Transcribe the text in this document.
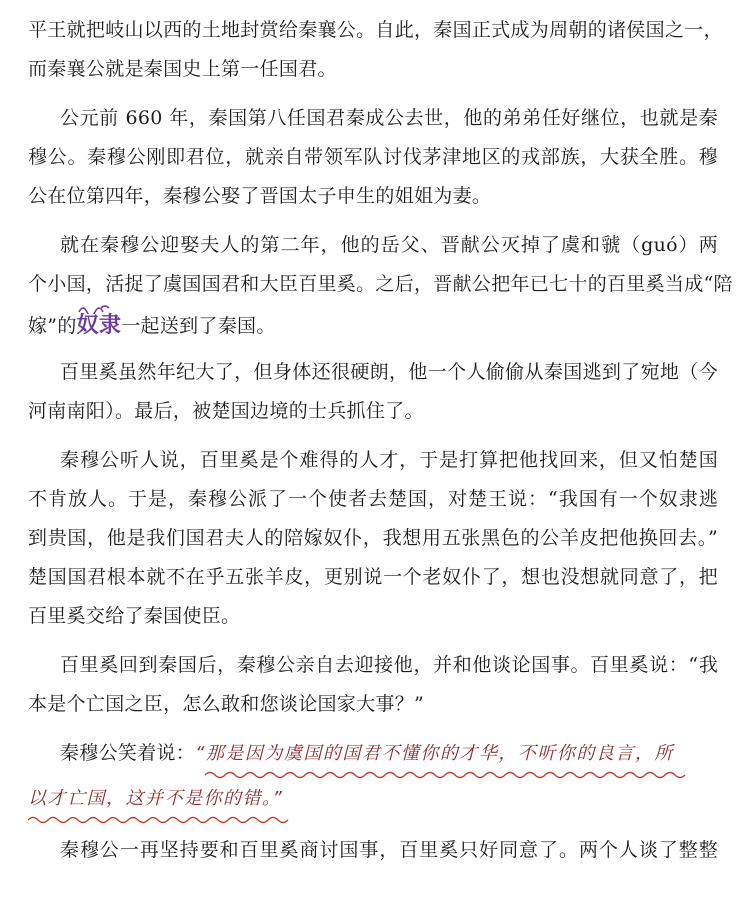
平王就把岐山以西的土地封赏给秦襄公。自此，秦国正式成为周朝的诸侯国之一，
而秦襄公就是秦国史上第一任国君。
公元前 660 年，秦国第八任国君秦成公去世，他的弟弟任好继位，也就是秦
穆公。秦穆公刚即君位，就亲自带领军队讨伐茅津地区的戎部族，大获全胜。穆
公在位第四年，秦穆公娶了晋国太子申生的姐姐为妻。
就在秦穆公迎娶夫人的第二年，他的岳父、晋献公灭掉了虞和虢（guó）两
个小国，活捉了虞国国君和大臣百里奚。之后，晋献公把年已七十的百里奚当成“陪
嫁”的
奴隶一起送到了秦国。
百里奚虽然年纪大了，但身体还很硬朗，他一个人偷偷从秦国逃到了宛地（今
河南南阳）。最后，被楚国边境的士兵抓住了。
秦穆公听人说，百里奚是个难得的人才，于是打算把他找回来，但又怕楚国
不肯放人。于是，秦穆公派了一个使者去楚国，对楚王说：“我国有一个奴隶逃
到贵国，他是我们国君夫人的陪嫁奴仆，我想用五张黑色的公羊皮把他换回去。”
楚国国君根本就不在乎五张羊皮，更别说一个老奴仆了，想也没想就同意了，把
百里奚交给了秦国使臣。
百里奚回到秦国后，秦穆公亲自去迎接他，并和他谈论国事。百里奚说：“我
本是个亡国之臣，怎么敢和您谈论国家大事？”
秦穆公笑着说：“那是因为虞国的国君不懂你的才华，不听你的良言，所
以才亡国，这并不是你的错。”
秦穆公一再坚持要和百里奚商讨国事，百里奚只好同意了。两个人谈了整整
